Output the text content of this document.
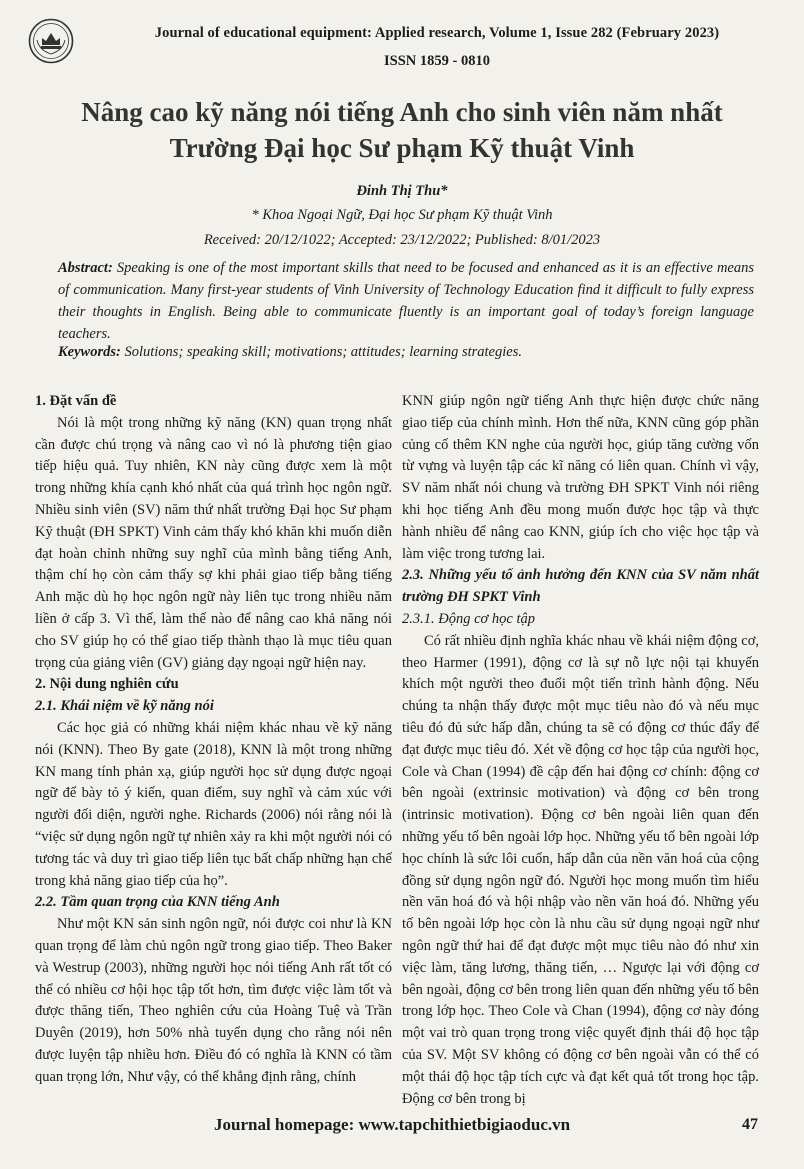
Journal of educational equipment: Applied research, Volume 1, Issue 282 (February 2023)
ISSN 1859 - 0810
Nâng cao kỹ năng nói tiếng Anh cho sinh viên năm nhất
Trường Đại học Sư phạm Kỹ thuật Vinh
Đinh Thị Thu*
* Khoa Ngoại Ngữ, Đại học Sư phạm Kỹ thuật Vinh
Received: 20/12/1022; Accepted: 23/12/2022; Published: 8/01/2023
Abstract: Speaking is one of the most important skills that need to be focused and enhanced as it is an effective means of communication. Many first-year students of Vinh University of Technology Education find it difficult to fully express their thoughts in English. Being able to communicate fluently is an important goal of today’s foreign language teachers.
Keywords: Solutions; speaking skill; motivations; attitudes; learning strategies.
1. Đặt vấn đề

Nói là một trong những kỹ năng (KN) quan trọng nhất cần được chú trọng và nâng cao vì nó là phương tiện giao tiếp hiệu quả. Tuy nhiên, KN này cũng được xem là một trong những khía cạnh khó nhất của quá trình học ngôn ngữ. Nhiều sinh viên (SV) năm thứ nhất trường Đại học Sư phạm Kỹ thuật (ĐH SPKT) Vinh cảm thấy khó khăn khi muốn diễn đạt hoàn chỉnh những suy nghĩ của mình bằng tiếng Anh, thậm chí họ còn cảm thấy sợ khi phải giao tiếp bằng tiếng Anh mặc dù họ học ngôn ngữ này liên tục trong nhiều năm liền ở cấp 3. Vì thế, làm thế nào để nâng cao khả năng nói cho SV giúp họ có thể giao tiếp thành thạo là mục tiêu quan trọng của giảng viên (GV) giảng dạy ngoại ngữ hiện nay.

2. Nội dung nghiên cứu
2.1. Khái niệm về kỹ năng nói

Các học giả có những khái niệm khác nhau về kỹ năng nói (KNN). Theo By gate (2018), KNN là một trong những KN mang tính phản xạ, giúp người học sử dụng được ngoại ngữ để bày tỏ ý kiến, quan điểm, suy nghĩ và cảm xúc với người đối diện, người nghe. Richards (2006) nói rằng nói là “việc sử dụng ngôn ngữ tự nhiên xảy ra khi một người nói có tương tác và duy trì giao tiếp liên tục bất chấp những hạn chế trong khả năng giao tiếp của họ”.

2.2. Tầm quan trọng của KNN tiếng Anh

Như một KN sản sinh ngôn ngữ, nói được coi như là KN quan trọng để làm chủ ngôn ngữ trong giao tiếp. Theo Baker và Westrup (2003), những người học nói tiếng Anh rất tốt có thể có nhiều cơ hội học tập tốt hơn, tìm được việc làm tốt và được thăng tiến, Theo nghiên cứu của Hoàng Tuệ và Trần Duyên (2019), hơn 50% nhà tuyển dụng cho rằng nói nên được luyện tập nhiều hơn. Điều đó có nghĩa là KNN có tầm quan trọng lớn, Như vậy, có thể khẳng định rằng, chính

KNN giúp ngôn ngữ tiếng Anh thực hiện được chức năng giao tiếp của chính mình. Hơn thế nữa, KNN cũng góp phần củng cố thêm KN nghe của người học, giúp tăng cường vốn từ vựng và luyện tập các kĩ năng có liên quan. Chính vì vậy, SV năm nhất nói chung và trường ĐH SPKT Vinh nói riêng khi học tiếng Anh đều mong muốn được học tập và thực hành nhiều để nâng cao KNN, giúp ích cho việc học tập và làm việc trong tương lai.

2.3. Những yếu tố ảnh hưởng đến KNN của SV năm nhất trường ĐH SPKT Vinh
2.3.1. Động cơ học tập

Có rất nhiều định nghĩa khác nhau về khái niệm động cơ, theo Harmer (1991), động cơ là sự nỗ lực nội tại khuyến khích một người theo đuổi một tiến trình hành động. Nếu chúng ta nhận thấy được một mục tiêu nào đó và nếu mục tiêu đó đủ sức hấp dẫn, chúng ta sẽ có động cơ thúc đẩy để đạt được mục tiêu đó. Xét về động cơ học tập của người học, Cole và Chan (1994) đề cập đến hai động cơ chính: động cơ bên ngoài (extrinsic motivation) và động cơ bên trong (intrinsic motivation). Động cơ bên ngoài liên quan đến những yếu tố bên ngoài lớp học. Những yếu tố bên ngoài lớp học chính là sức lôi cuốn, hấp dẫn của nền văn hoá của cộng đồng sử dụng ngôn ngữ đó. Người học mong muốn tìm hiểu nền văn hoá đó và hội nhập vào nền văn hoá đó. Những yếu tố bên ngoài lớp học còn là nhu cầu sử dụng ngoại ngữ như ngôn ngữ thứ hai để đạt được một mục tiêu nào đó như xin việc làm, tăng lương, thăng tiến, … Ngược lại với động cơ bên ngoài, động cơ bên trong liên quan đến những yếu tố bên trong lớp học. Theo Cole và Chan (1994), động cơ này đóng một vai trò quan trọng trong việc quyết định thái độ học tập của SV. Một SV không có động cơ bên ngoài vẫn có thể có một thái độ học tập tích cực và đạt kết quả tốt trong học tập. Động cơ bên trong bị

Journal homepage: www.tapchithietbigiaoduc.vn	47
